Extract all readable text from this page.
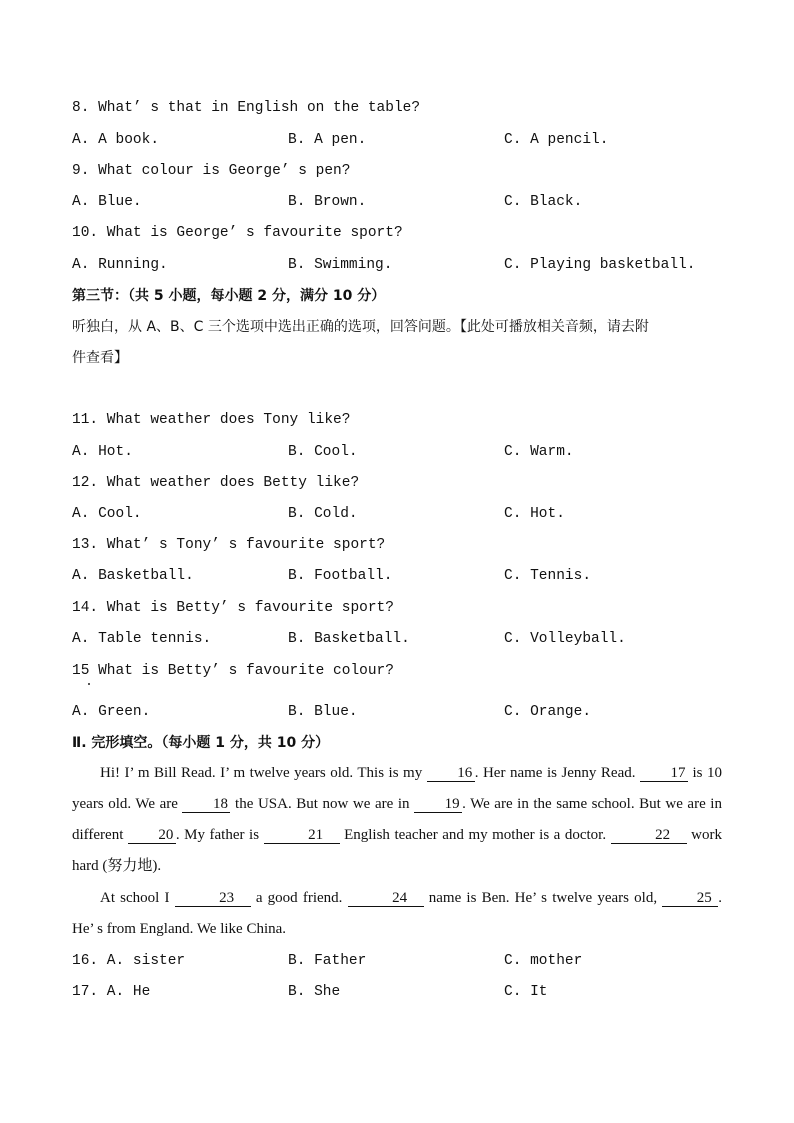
8. What’ s that in English on the table?
A. A book.	B. A pen.	C. A pencil.
9. What colour is George’ s pen?
A. Blue.	B. Brown.	C. Black.
10. What is George’ s favourite sport?
A. Running.	B. Swimming.	C. Playing basketball.
第三节：（共 5 小题，每小题 2 分，满分 10 分）
听独白，从 A、B、C 三个选项中选出正确的选项，回答问题。【此处可播放相关音频，请去附
件查看】
11. What weather does Tony like?
A. Hot.	B. Cool.	C. Warm.
12. What weather does Betty like?
A. Cool.	B. Cold.	C. Hot.
13. What’ s Tony’ s favourite sport?
A. Basketball.	B. Football.	C. Tennis.
14. What is Betty’ s favourite sport?
A. Table tennis.	B. Basketball.	C. Volleyball.
15 What is Betty’ s favourite colour?
A. Green.	B. Blue.	C. Orange.
Ⅱ. 完形填空。（每小题 1 分，共 10 分）
Hi! I’ m Bill Read. I’ m twelve years old. This is my 16 . Her name is Jenny Read. 17 is 10 years old. We are 18 the USA. But now we are in 19 . We are in the same school. But we are in different 20 . My father is	21 English teacher and my mother is a doctor.	22 work hard (努力地).
At school I	23 a good friend.	24 name is Ben. He’ s twelve years old, 25 . He’ s from England. We like China.
16. A. sister	B. Father	C. mother
17. A. He	B. She	C. It
